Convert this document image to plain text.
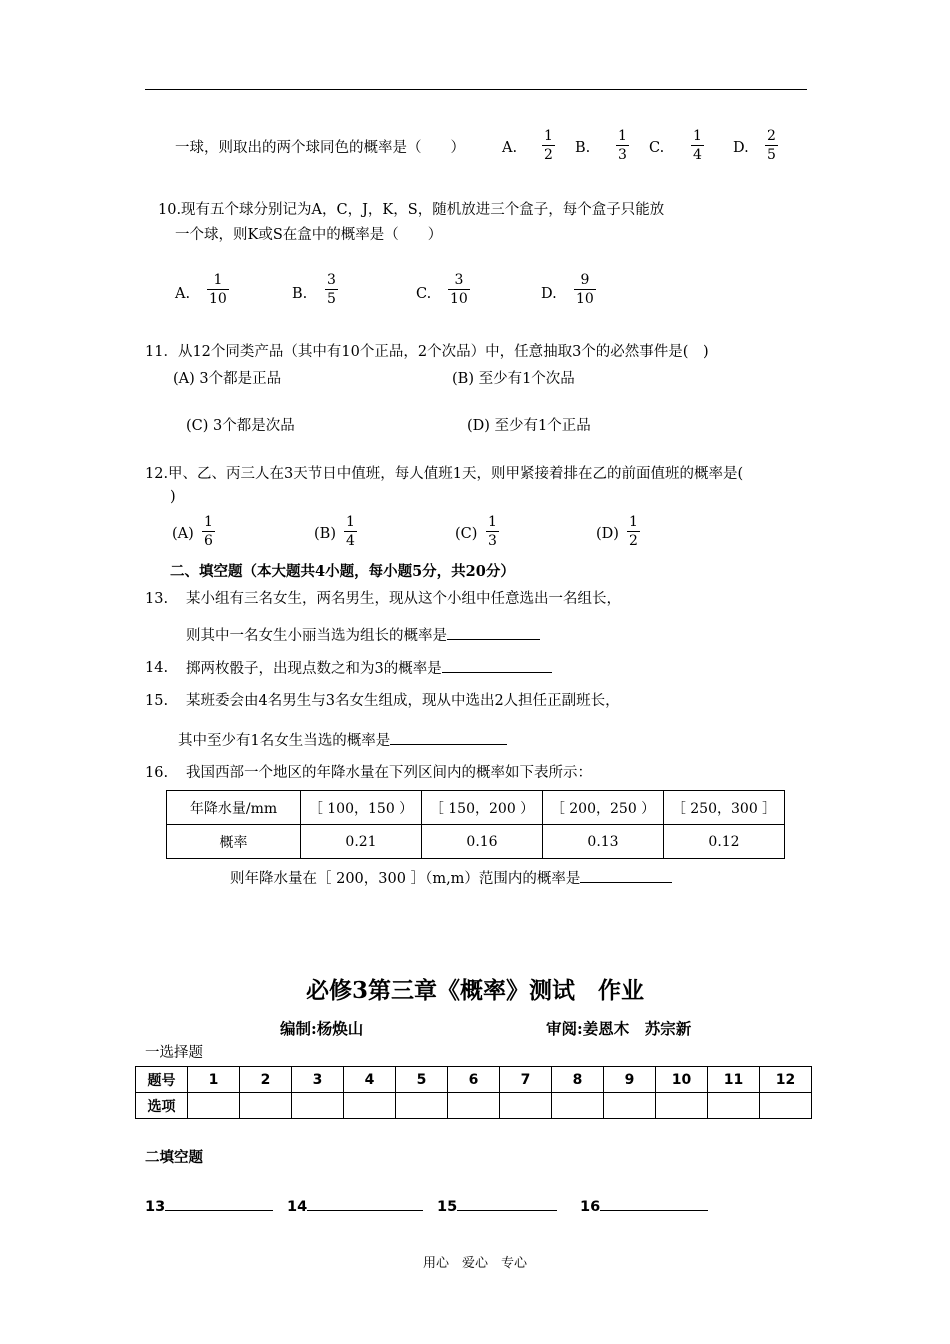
一球，则取出的两个球同色的概率是（　　）	A. $\frac{1}{2} B$. $\frac{1}{3} C$. $\frac{1}{4} D$. $\frac{2}{5}$
10.现有五个球分别记为A，C，J，K，S，随机放进三个盒子，每个盒子只能放
一个球，则K或S在盒中的概率是（　　）
A. $\frac{1}{10}$	B. $\frac{3}{5}$	C. $\frac{3}{10}$	D. $\frac{9}{10}$
11．从12个同类产品（其中有10个正品，2个次品）中，任意抽取3个的必然事件是(　)
(A) 3个都是正品	(B) 至少有1个次品
(C) 3个都是次品	(D) 至少有1个正品
12.甲、乙、丙三人在3天节日中值班，每人值班1天，则甲紧接着排在乙的前面值班的概率是(
)
$(A) \frac{1}{6}$	$(B) \frac{1}{4}$	$(C) \frac{1}{3}$	$(D) \frac{1}{2}$
二、填空题（本大题共4小题，每小题5分，共20分）
13. 某小组有三名女生，两名男生，现从这个小组中任意选出一名组长，
则其中一名女生小丽当选为组长的概率是
14. 掷两枚骰子，出现点数之和为3的概率是
15. 某班委会由4名男生与3名女生组成，现从中选出2人担任正副班长，
其中至少有1名女生当选的概率是
16. 我国西部一个地区的年降水量在下列区间内的概率如下表所示：
年降水量/mm	［ 100，150 ）	［ 150，200 ）	［ 200，250 ）	［ 250，300 ］
概率	0.21	0.16	0.13	0.12
则年降水量在［ 200，300 ］（m,m）范围内的概率是
必修3第三章《概率》测试　作业
编制:杨焕山	审阅:姜恩木　苏宗新
一选择题
题号	1	2	3	4	5	6	7	8	9	10	11	12
选项												
二填空题
13	14	15	16
用心　爱心　专心
